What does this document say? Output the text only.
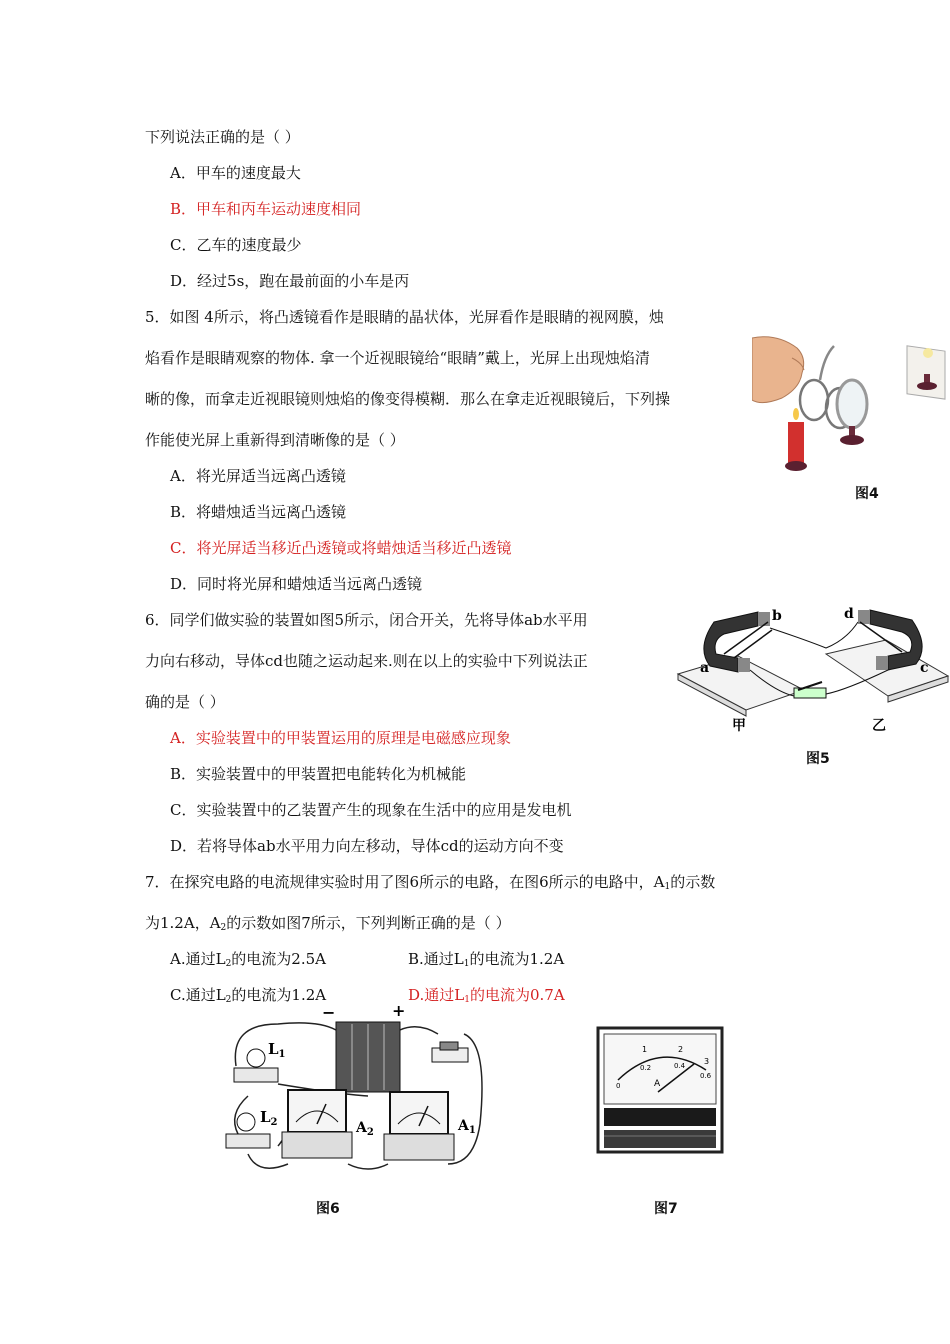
下列说法正确的是（ ）
A．甲车的速度最大
B．甲车和丙车运动速度相同
C．乙车的速度最少
D．经过5s，跑在最前面的小车是丙
5．如图 4所示，将凸透镜看作是眼睛的晶状体，光屏看作是眼睛的视网膜，烛
焰看作是眼睛观察的物体. 拿一个近视眼镜给“眼睛”戴上，光屏上出现烛焰清
晰的像，而拿走近视眼镜则烛焰的像变得模糊．那么在拿走近视眼镜后，下列操
作能使光屏上重新得到清晰像的是（ ）
A．将光屏适当远离凸透镜
B．将蜡烛适当远离凸透镜
C．将光屏适当移近凸透镜或将蜡烛适当移近凸透镜
D．同时将光屏和蜡烛适当远离凸透镜
图4
6．同学们做实验的装置如图5所示，闭合开关，先将导体ab水平用
力向右移动，导体cd也随之运动起来.则在以上的实验中下列说法正
确的是（ ）
A．实验装置中的甲装置运用的原理是电磁感应现象
B．实验装置中的甲装置把电能转化为机械能
C．实验装置中的乙装置产生的现象在生活中的应用是发电机
D．若将导体ab水平用力向左移动，导体cd的运动方向不变
b	d
a	c
甲	乙
图5
7．在探究电路的电流规律实验时用了图6所示的电路，在图6所示的电路中，$A_1$的示数
为1.2A，$A_2$的示数如图7所示，下列判断正确的是（ ）
A.通过$L_2$的电流为2.5A	B.通过$L_1$的电流为1.2A
C.通过$L_2$的电流为1.2A	D.通过$L_1$的电流为0.7A
−	+
$L_1$
$L_2$	$A_2$	$A_1$
图6
1	2
3
0
0.2	0.4
0.6
A
图7
